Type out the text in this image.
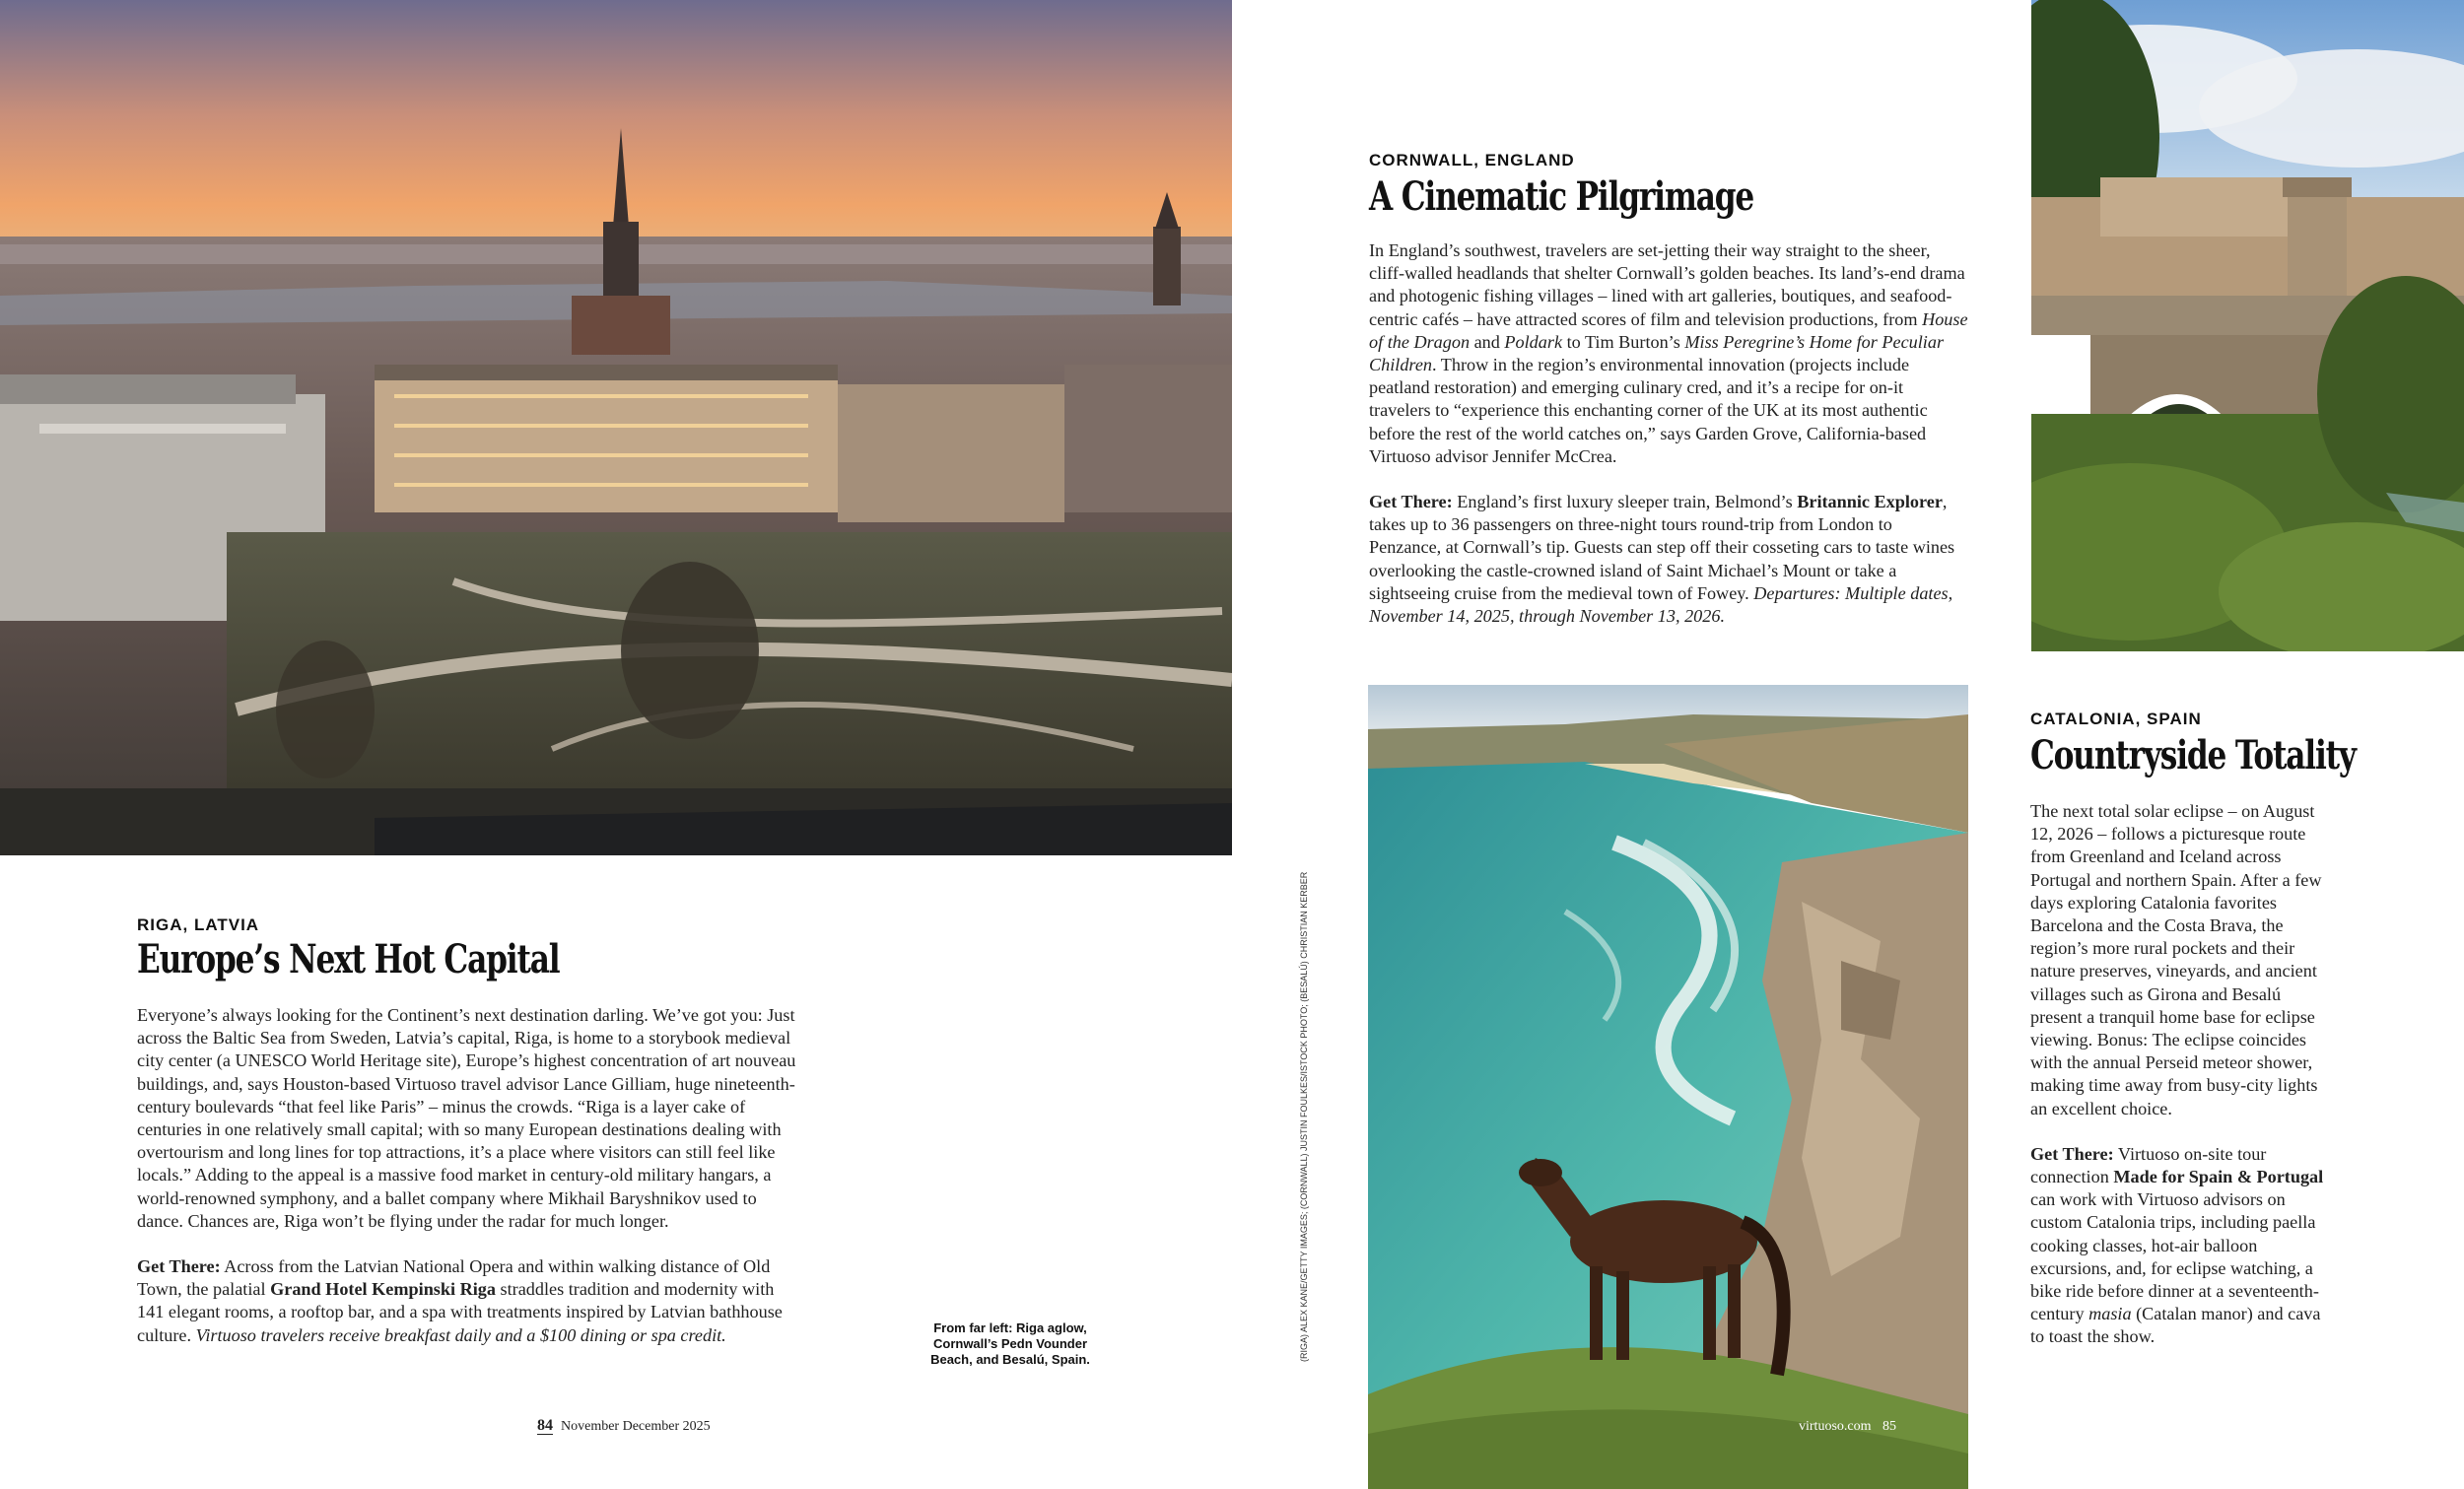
RIGA, LATVIA
Europe’s Next Hot Capital

Everyone’s always looking for the Continent’s next destination darling. We’ve got you: Just across the Baltic Sea from Sweden, Latvia’s capital, Riga, is home to a storybook medieval city center (a UNESCO World Heritage site), Europe’s highest concentration of art nouveau buildings, and, says Houston-based Virtuoso travel advisor Lance Gilliam, huge nineteenth-century boulevards “that feel like Paris” – minus the crowds. “Riga is a layer cake of centuries in one relatively small capital; with so many European destinations dealing with overtourism and long lines for top attractions, it’s a place where visitors can still feel like locals.” Adding to the appeal is a massive food market in century-old military hangars, a world-renowned symphony, and a ballet company where Mikhail Baryshnikov used to dance. Chances are, Riga won’t be flying under the radar for much longer.

Get There: Across from the Latvian National Opera and within walking distance of Old Town, the palatial Grand Hotel Kempinski Riga straddles tradition and modernity with 141 elegant rooms, a rooftop bar, and a spa with treatments inspired by Latvian bathhouse culture. Virtuoso travelers receive breakfast daily and a $100 dining or spa credit.	From far left: Riga aglow, Cornwall’s Pedn Vounder Beach, and Besalú, Spain.	(RIGA) ALEX KANE/GETTY IMAGES; (CORNWALL) JUSTIN FOULKES/ISTOCK PHOTO; (BESALÚ) CHRISTIAN KERBER
84 November December 2025
CORNWALL, ENGLAND
A Cinematic Pilgrimage

In England’s southwest, travelers are set-jetting their way straight to the sheer, cliff-walled headlands that shelter Cornwall’s golden beaches. Its land’s-end drama and photogenic fishing villages – lined with art galleries, boutiques, and seafood-centric cafés – have attracted scores of film and television productions, from House of the Dragon and Poldark to Tim Burton’s Miss Peregrine’s Home for Peculiar Children. Throw in the region’s environmental innovation (projects include peatland restoration) and emerging culinary cred, and it’s a recipe for on-it travelers to “experience this enchanting corner of the UK at its most authentic before the rest of the world catches on,” says Garden Grove, California-based Virtuoso advisor Jennifer McCrea.

Get There: England’s first luxury sleeper train, Belmond’s Britannic Explorer, takes up to 36 passengers on three-night tours round-trip from London to Penzance, at Cornwall’s tip. Guests can step off their cosseting cars to taste wines overlooking the castle-crowned island of Saint Michael’s Mount or take a sightseeing cruise from the medieval town of Fowey. Departures: Multiple dates, November 14, 2025, through November 13, 2026.

CATALONIA, SPAIN
Countryside Totality

The next total solar eclipse – on August 12, 2026 – follows a picturesque route from Greenland and Iceland across Portugal and northern Spain. After a few days exploring Catalonia favorites Barcelona and the Costa Brava, the region’s more rural pockets and their nature preserves, vineyards, and ancient villages such as Girona and Besalú present a tranquil home base for eclipse viewing. Bonus: The eclipse coincides with the annual Perseid meteor shower, making time away from busy-city lights an excellent choice.

Get There: Virtuoso on-site tour connection Made for Spain & Portugal can work with Virtuoso advisors on custom Catalonia trips, including paella cooking classes, hot-air balloon excursions, and, for eclipse watching, a bike ride before dinner at a seventeenth-century masia (Catalan manor) and cava to toast the show.

virtuoso.com 85
